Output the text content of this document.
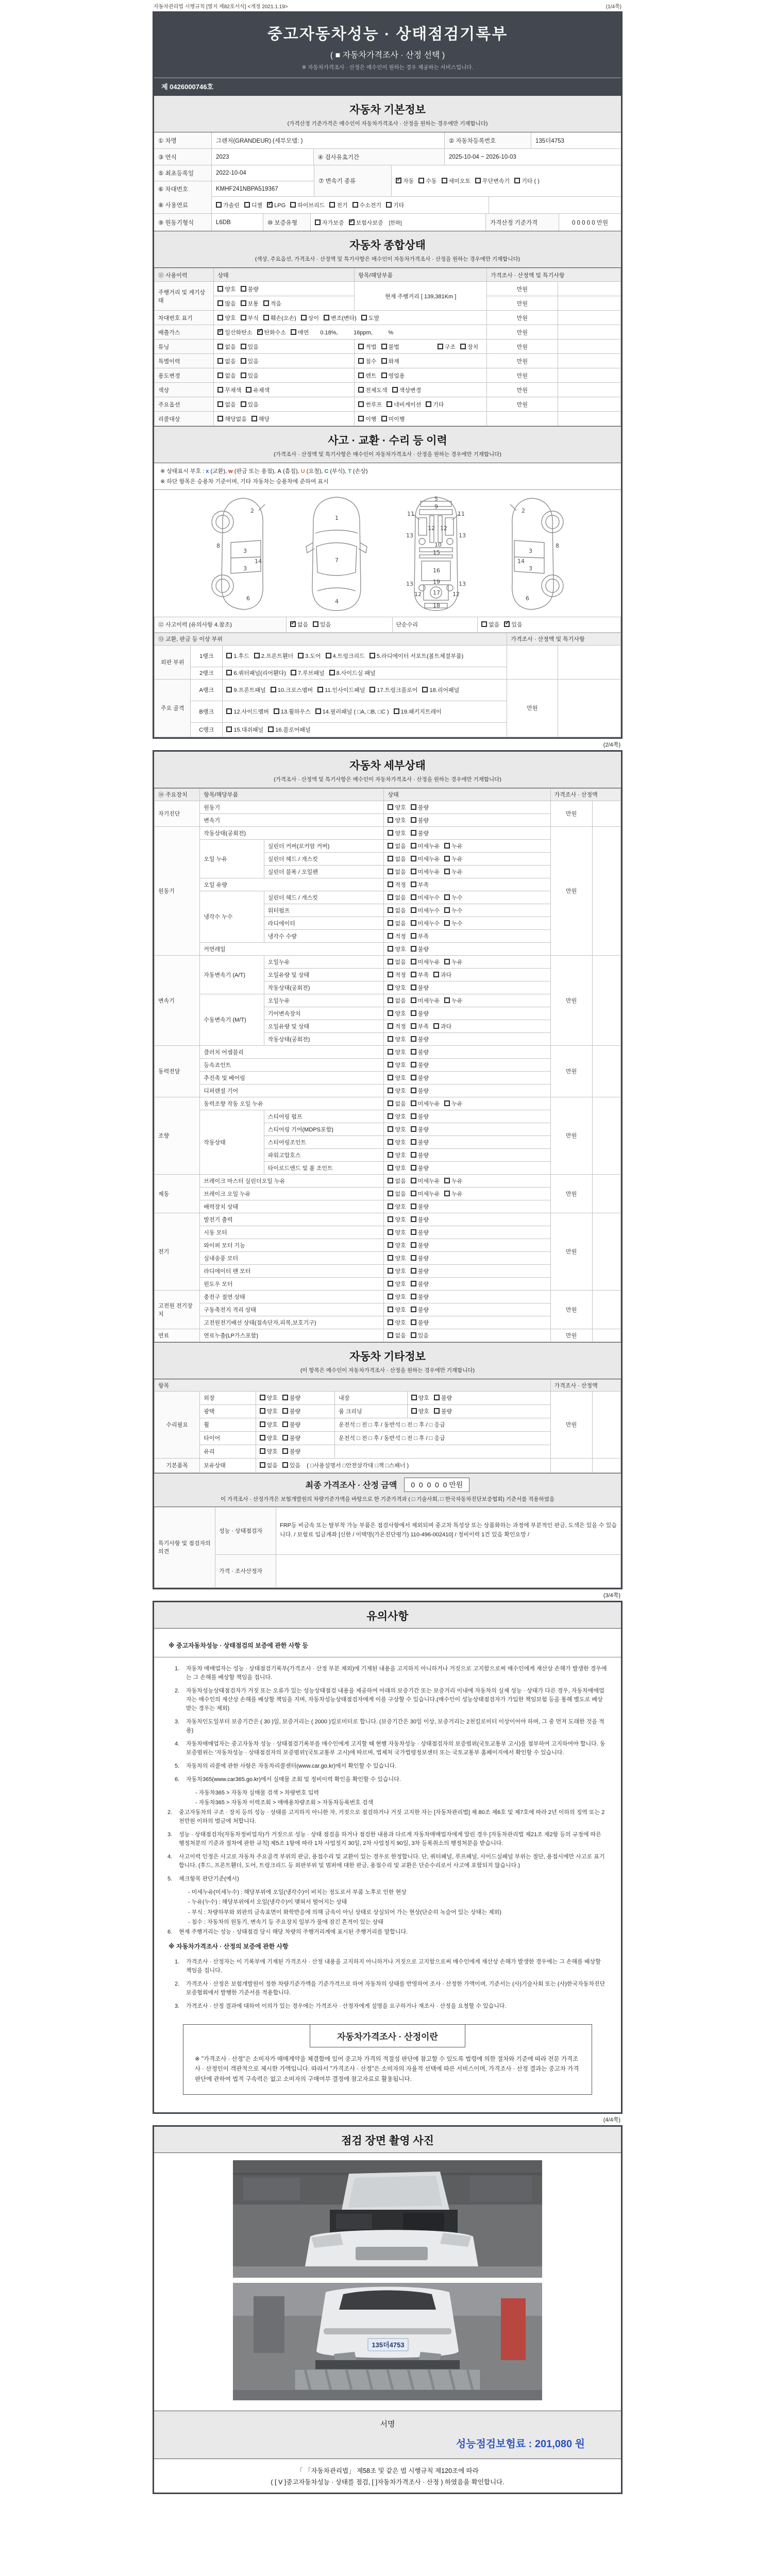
자동차관리법 시행규칙 [별지 제82호서식] <개정 2021.1.19>	(1/4쪽)
중고자동차성능 · 상태점검기록부
( ■ 자동차가격조사 · 산정 선택 )
※ 자동차가격조사 · 산정은 매수인이 원하는 경우 제공하는 서비스입니다.
제 0426000746호
자동차 기본정보
(가격산정 기준가격은 매수인이 자동차가격조사 · 산정을 원하는 경우에만 기재합니다)
① 차명	그랜저(GRANDEUR) (세부모델: )	② 자동차등록번호	135더4753
③ 연식	2023	④ 검사유효기간	2025-10-04 ~ 2026-10-03
⑤ 최초등록일	2022-10-04
⑥ 차대번호	KMHF241NBPA519367
⑦ 변속기 종류 ✓	자동	수동	세미오토	무단변속기	기타 ( )
⑧ 사용연료	가솔린	디젤 ✓	LPG	하이브리드	전기	수소전기	기타
⑨ 원동기형식	L6DB	⑩ 보증유형	자가보증 ✓ 보험사보증	[한화]	가격산정 기준가격	0 0 0 0 0 만원
자동차 종합상태
(색상, 주요옵션, 가격조사 · 산정액 및 특기사항은 매수인이 자동차가격조사 · 산정을 원하는 경우에만 기재합니다)
⑪ 사용이력	상태	항목/해당부품	가격조사 · 산정액 및 특기사항	
주행거리 및 계기상태	양호 불량	현재 주행거리 [ 139,381Km ]	만원	
	많음 보통 적음		만원	
차대번호 표기	양호 부식 훼손(오손) 상이 변조(변타) 도말		만원	
배출가스	✓일산화탄소 ✓ 탄화수소 매연 0.18%,          16ppm,          %		만원	
튜닝	없음 있음	적법 불법 구조 장치	만원	
특별이력	없음 있음	침수 화재	만원	
용도변경	없음 있음	렌트 영업용	만원	
색상	무채색 유채색	전체도색 색상변경	만원	
주요옵션	없음 있음	썬루프 네비게이션 기타	만원	
리콜대상	해당없음 해당	이행 미이행		
사고 · 교환 · 수리 등 이력
(가격조사 · 산정액 및 특기사항은 매수인이 자동차가격조사 · 산정을 원하는 경우에만 기재합니다)
※ 상태표시 부호 : x (교환), w (판금 또는 용접), A (흠집), U (요철), C (부식), T (손상)
※ 하단 항목은 승용차 기준이며, 기타 자동차는 승용차에 준하여 표시
2
8
3
14
3
6
1
7
4
5
9
11	11
13	13
12 12
10
15
16
13	13
19
12	12
17
18
2
8
3
14
3
6
⑫ 사고이력 (유의사항 4.참조)	✓없음 있음	단순수리	없음 ✓ 있음
⑬ 교환, 판금 등 이상 부위			가격조사 · 산정액 및 특기사항	
외판 부위	1랭크	1.후드 2.프론트휀더 3.도어 4.트렁크리드 5.라디에이터 서포트(볼트체결부품)		
	2랭크	6.쿼터패널(리어휀다) 7.루브패널 8.사이드실 패널		
주요 골격	A랭크	9.프론트패널 10.크로스멤버 11.인사이드패널 17.트렁크플로어 18.리어패널	만원	
	B랭크	12.사이드멤버 13.휠하우스 14.필러패널 ( □A, □B, □C ) 19.패키지트레이		
	C랭크	15.대쉬패널 16.플로어패널		
(2/4쪽)
자동차 세부상태
(가격조사 · 산정액 및 특기사항은 매수인이 자동차가격조사 · 산정을 원하는 경우에만 기재합니다)
⑭ 주요장치	항목/해당부품		상태	가격조사 · 산정액	
자기진단	원동기		양호 불량	만원	
	변속기		양호 불량		
원동기	작동상태(공회전)		양호 불량	만원	
	오일 누유	실린더 커버(로커암 커버)	없음 미세누유 누유		
		실린더 헤드 / 개스킷	없음 미세누유 누유		
		실린더 블록 / 오일팬	없음 미세누유 누유		
	오일 유량		적정 부족		
	냉각수 누수	실린더 헤드 / 개스킷	없음 미세누수 누수		
		워터펌프	없음 미세누수 누수		
		라디에이터	없음 미세누수 누수		
		냉각수 수량	적정 부족		
	커먼레일		양호 불량		
변속기	자동변속기 (A/T)	오일누유	없음 미세누유 누유	만원	
		오일유량 및 상태	적정 부족 과다		
		작동상태(공회전)	양호 불량		
	수동변속기 (M/T)	오일누유	없음 미세누유 누유		
		기어변속장치	양호 불량		
		오일유량 및 상태	적정 부족 과다		
		작동상태(공회전)	양호 불량		
동력전달	클러치 어셈블리		양호 불량	만원	
	등속죠인트		양호 불량		
	추진축 및 베어링		양호 불량		
	디퍼렌셜 기어		양호 불량		
조향	동력조향 작동 오일 누유		없음 미세누유 누유	만원	
	작동상태	스티어링 펌프	양호 불량		
		스티어링 기어(MDPS포함)	양호 불량		
		스티어링조인트	양호 불량		
		파워고압호스	양호 불량		
		타이로드엔드 및 볼 조인트	양호 불량		
제동	브레이크 마스터 실린더오일 누유		없음 미세누유 누유	만원	
	브레이크 오일 누유		없음 미세누유 누유		
	배력장치 상태		양호 불량		
전기	발전기 출력		양호 불량	만원	
	시동 모터		양호 불량		
	와이퍼 모터 기능		양호 불량		
	실내송풍 모터		양호 불량		
	라디에이터 팬 모터		양호 불량		
	윈도우 모터		양호 불량		
고전원 전기장치	충전구 절연 상태		양호 불량	만원	
	구동축전지 격리 상태		양호 불량		
	고전원전기배선 상태(접속단자,피복,보호기구)		양호 불량		
연료	연료누출(LP가스포함)		없음 있음	만원	
자동차 기타정보
(이 항목은 매수인이 자동차가격조사 · 산정을 원하는 경우에만 기재합니다)
항목					가격조사 · 산정액	
수리필요	외장	양호 불량	내장	양호 불량	만원	
	광택	양호 불량	룸 크리닝	양호 불량		
	휠	양호 불량	운전석 □ 전 □ 후 / 동반석 □ 전 □ 후 / □ 응급			
	타이어	양호 불량	운전석 □ 전 □ 후 / 동반석 □ 전 □ 후 / □ 응급			
	유리	양호 불량				
기본품목	보유상태	없음 있음 ( □사용설명서 □안전삼각대 □잭 □스패너 )				
최종 가격조사 · 산정 금액	0  0  0  0  0 만원
이 가격조사 · 산정가격은 보험개발원의 차량기준가액을 바탕으로 한 기준가격과 ( □ 기술사회, □ 한국자동차진단보증협회) 기준서를 적용하였음
특기사항 및 점검자의 의견	성능 · 상태점검자	FRP등 비금속 또는 탈부착 가능 부품은 점검사항에서 제외되며 중고차 특성상 또는 상품화하는 과정에 부분적인 판금, 도색은 있을 수 있습니다. / 보험료 입금계좌 [신한 / 이택명(가온진단평가) 110-496-002410] / 정비이력 1건 있음 확인요망 /
	가격 · 조사산정자	
(3/4쪽)
유의사항
※ 중고자동차성능 · 상태점검의 보증에 관한 사항 등
1.	자동차 매매업자는 성능 · 상태점검기록부(가격조사 · 산정 부분 제외)에 기재된 내용을 고지하지 아니하거나 거짓으로 고지함으로써 매수인에게 재산상 손해가 발생한 경우에는 그 손해를 배상할 책임을 집니다.
2.	자동차성능상태점검자가 거짓 또는 오류가 있는 성능상태점검 내용을 제공하여 아래의 보증기간 또는 보증거리 이내에 자동차의 실제 성능 · 상태가 다른 경우, 자동차매매업자는 매수인의 재산상 손해를 배상할 책임을 지며, 자동차성능상태점검자에게 이를 구상할 수 있습니다.(매수인이 성능상태점검자가 가입한 책임보험 등을 통해 별도로 배상받는 경우는 제외)
3.	자동차인도일부터 보증기간은 ( 30 )일, 보증거리는 ( 2000 )킬로미터로 합니다. (보증기간은 30일 이상, 보증거리는 2천킬로미터 이상이어야 하며, 그 중 먼저 도래한 것을 적용)
4.	자동차매매업자는 중고자동차 성능 · 상태점검기록부를 매수인에게 고지할 때 현행 자동차성능 · 상태점검자의 보증범위(국토교통부 고시)를 첨부하여 고지하여야 합니다. 동 보증범위는 '자동차성능 · 상태점검자의 보증범위'(국토교통부 고시)에 따르며, 법제처 국가법령정보센터 또는 국토교통부 홈페이지에서 확인할 수 있습니다.
5.	자동차의 리콜에 관한 사항은 자동차리콜센터(www.car.go.kr)에서 확인할 수 있습니다.
6.	자동차365(www.car365.go.kr)에서 실매물 조회 및 정비이력 확인을 확인할 수 있습니다.
- 자동차365 > 자동차 실매물 검색 > 차량번호 입력
- 자동차365 > 자동차 이력조회 > 매매용차량조회 > 자동차등록번호 검색
2.	중고자동차의 구조 · 장치 등의 성능 · 상태를 고지하지 아니한 자, 거짓으로 점검하거나 거짓 고지한 자는 [자동차관리법] 제 80조 제6호 및 제7호에 따라 2년 이하의 징역 또는 2천만원 이하의 벌금에 처합니다.
3.	성능 · 상태점검자(자동차정비업자)가 거짓으로 성능 · 상태 점검을 하거나 점검한 내용과 다르게 자동차매매업자에게 알린 경우 [자동차관리법 제21조 제2항 등의 규정에 따른 행정처분의 기준과 절차에 관한 규칙] 제5조 1항에 따라 1차 사업정지 30일, 2차 사업정지 90일, 3차 등록취소의 행정처분을 받습니다.
4.	사고이력 인정은 사고로 자동차 주요골격 부위의 판금, 용접수리 및 교환이 있는 경우로 한정합니다. 단, 쿼터패널, 루프패널, 사이드실패널 부위는 절단, 용접시에만 사고로 표기합니다. (후드, 프론트휀더, 도어, 트렁크리드 등 외판부위 및 범퍼에 대한 판금, 용접수리 및 교환은 단순수리로서 사고에 포함되지 않습니다.)
5.	체크항목 판단기준(예시)
- 미세누유(미세누수) : 해당부위에 오일(냉각수)이 비치는 정도로서 부품 노후로 인한 현상
- 누유(누수) : 해당부위에서 오일(냉각수)이 맺혀서 떨어지는 상태
- 부식 : 차량하부와 외판의 금속표면이 화학반응에 의해 금속이 아닌 상태로 상실되어 가는 현상(단순히 녹슬어 있는 상태는 제외)
- 침수 : 자동차의 원동기, 변속기 등 주요장치 일부가 물에 잠긴 흔적이 있는 상태
6.	현재 주행거리는 성능 · 상태점검 당시 해당 차량의 주행거리계에 표시된 주행거리를 말합니다.
※ 자동차가격조사 · 산정의 보증에 관한 사항
1.	가격조사 · 산정자는 이 기록부에 기재된 가격조사 · 산정 내용을 고지하지 아니하거나 거짓으로 고지함으로써 매수인에게 재산상 손해가 발생한 경우에는 그 손해를 배상할 책임을 집니다.
2.	가격조사 · 산정은 보험개발원이 정한 차량기준가액을 기준가격으로 하여 자동차의 상태를 반영하여 조사 · 산정한 가액이며, 기준서는 (사)기술사회 또는 (사)한국자동차진단보증협회에서 발행한 기준서를 적용합니다.
3.	가격조사 · 산정 결과에 대하여 이의가 있는 경우에는 가격조사 · 산정자에게 설명을 요구하거나 재조사 · 산정을 요청할 수 있습니다.
자동차가격조사 · 산정이란
※ "가격조사 · 산정"은 소비자가 매매계약을 체결함에 있어 중고차 가격의 적절성 판단에 참고할 수 있도록 법령에 의한 절차와 기준에 따라 전문 가격조사 · 산정인이 객관적으로 제시한 가액입니다. 따라서 "가격조사 · 산정"은 소비자의 자율적 선택에 따른 서비스이며, 가격조사 · 산정 결과는 중고차 가격판단에 관하여 법적 구속력은 없고 소비자의 구매여부 결정에 참고자료로 활용됩니다.
(4/4쪽)
점검 장면 촬영 사진
135더4753
서명
성능점검보험료 : 201,080 원
「 「자동차관리법」 제58조 및 같은 법 시행규칙 제120조에 따라
( [ V ]중고자동차성능 · 상태를 점검, [ ]자동차가격조사 · 산정 ) 하였음을 확인합니다.
